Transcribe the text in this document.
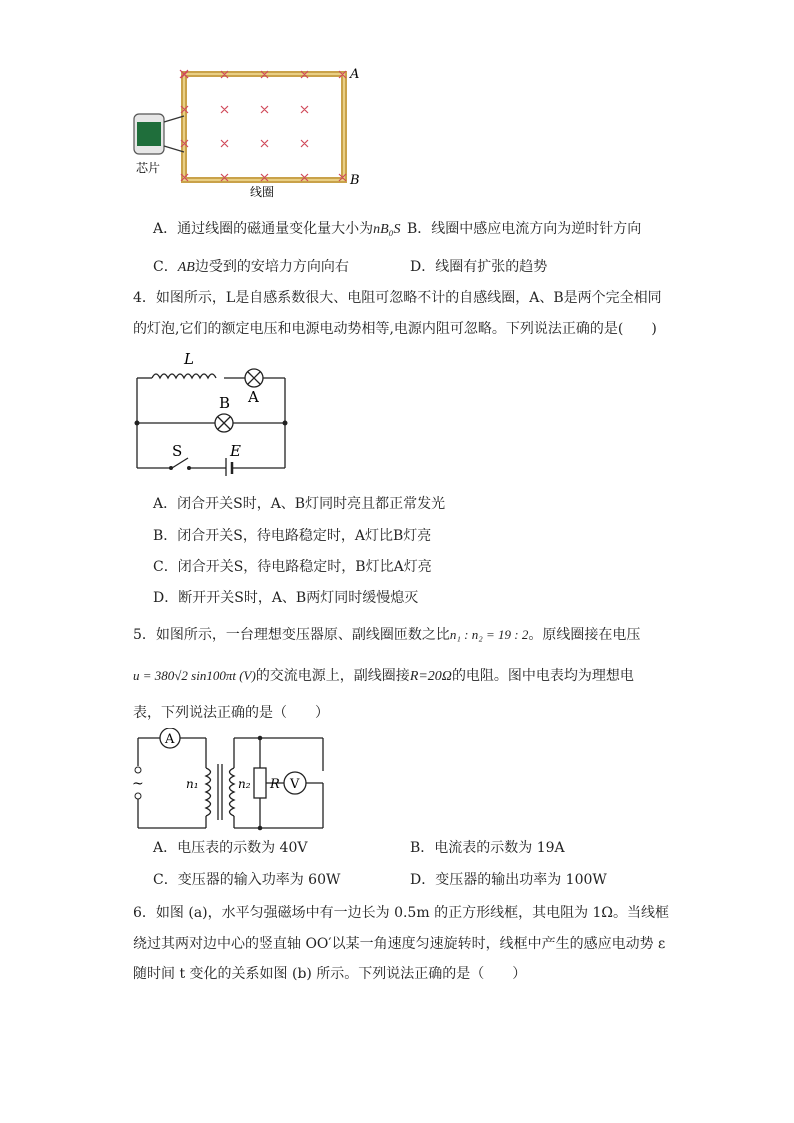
A
B
芯片
线圈
A．通过线圈的磁通量变化量大小为nB₀S B．线圈中感应电流方向为逆时针方向
C．AB边受到的安培力方向向右	D．线圈有扩张的趋势
4．如图所示，L是自感系数很大、电阻可忽略不计的自感线圈，A、B是两个完全相同
的灯泡,它们的额定电压和电源电动势相等,电源内阻可忽略。下列说法正确的是(　　)
L
A
B
S	E
A．闭合开关S时，A、B灯同时亮且都正常发光
B．闭合开关S，待电路稳定时，A灯比B灯亮
C．闭合开关S，待电路稳定时，B灯比A灯亮
D．断开开关S时，A、B两灯同时缓慢熄灭
5．如图所示，一台理想变压器原、副线圈匝数之比n₁ : n₂ = 19 : 2。原线圈接在电压
u = 380√2 sin100πt (V)的交流电源上，副线圈接R=20Ω的电阻。图中电表均为理想电
表，下列说法正确的是（　　）
A
V
~	n₁	n₂ R
A．电压表的示数为 40V	B．电流表的示数为 19A
C．变压器的输入功率为 60W	D．变压器的输出功率为 100W
6．如图 (a)，水平匀强磁场中有一边长为 0.5m 的正方形线框，其电阻为 1Ω。当线框
绕过其两对边中心的竖直轴 OO′以某一角速度匀速旋转时，线框中产生的感应电动势 ε
随时间 t 变化的关系如图 (b) 所示。下列说法正确的是（　　）
